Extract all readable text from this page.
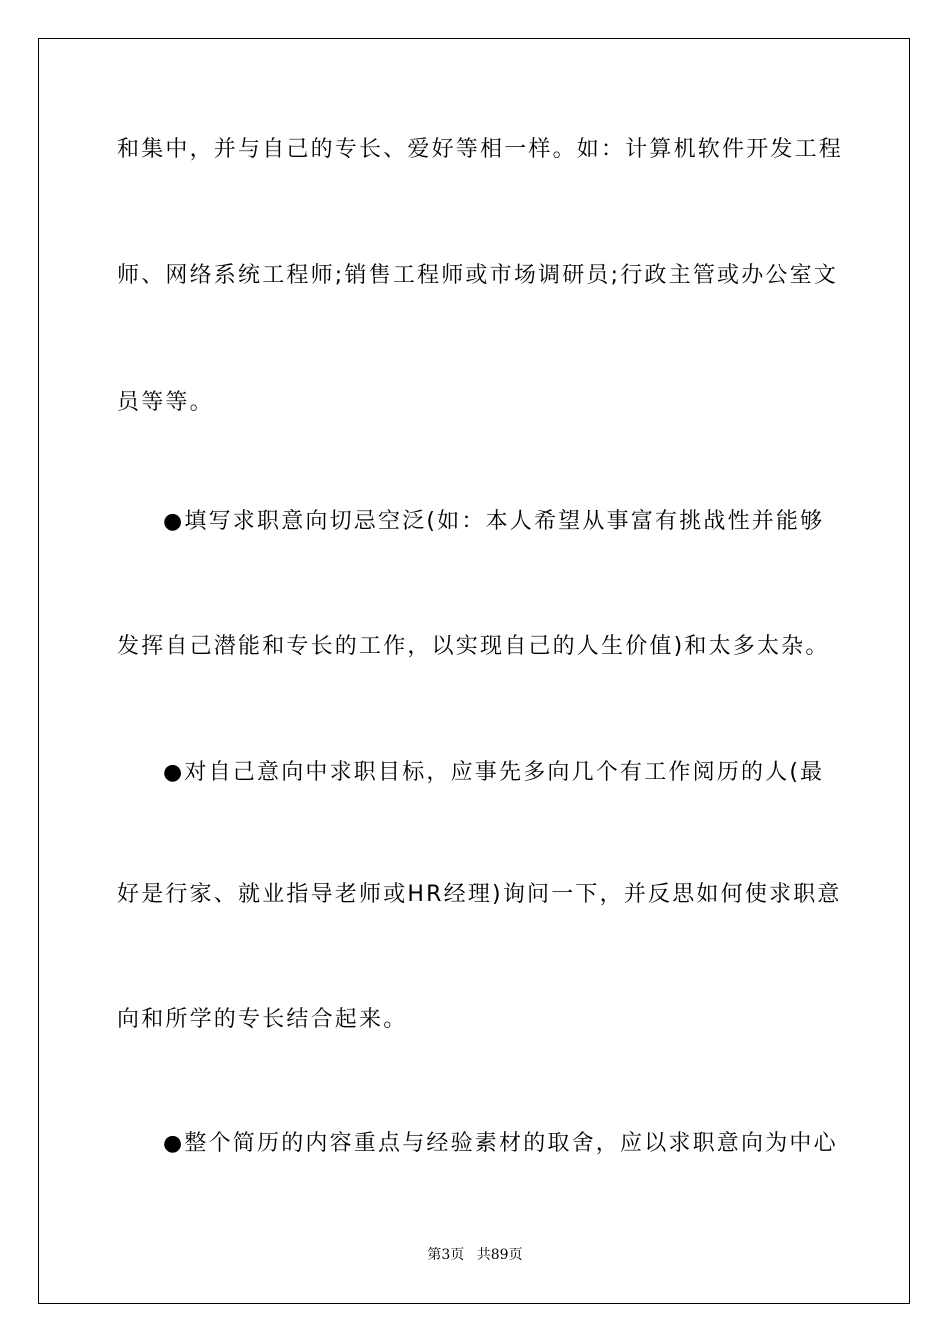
和集中，并与自己的专长、爱好等相一样。如：计算机软件开发工程
师、网络系统工程师;销售工程师或市场调研员;行政主管或办公室文
员等等。
●填写求职意向切忌空泛(如：本人希望从事富有挑战性并能够
发挥自己潜能和专长的工作，以实现自己的人生价值)和太多太杂。
●对自己意向中求职目标，应事先多向几个有工作阅历的人(最
好是行家、就业指导老师或HR经理)询问一下，并反思如何使求职意
向和所学的专长结合起来。
●整个简历的内容重点与经验素材的取舍，应以求职意向为中心
第3页 共89页
